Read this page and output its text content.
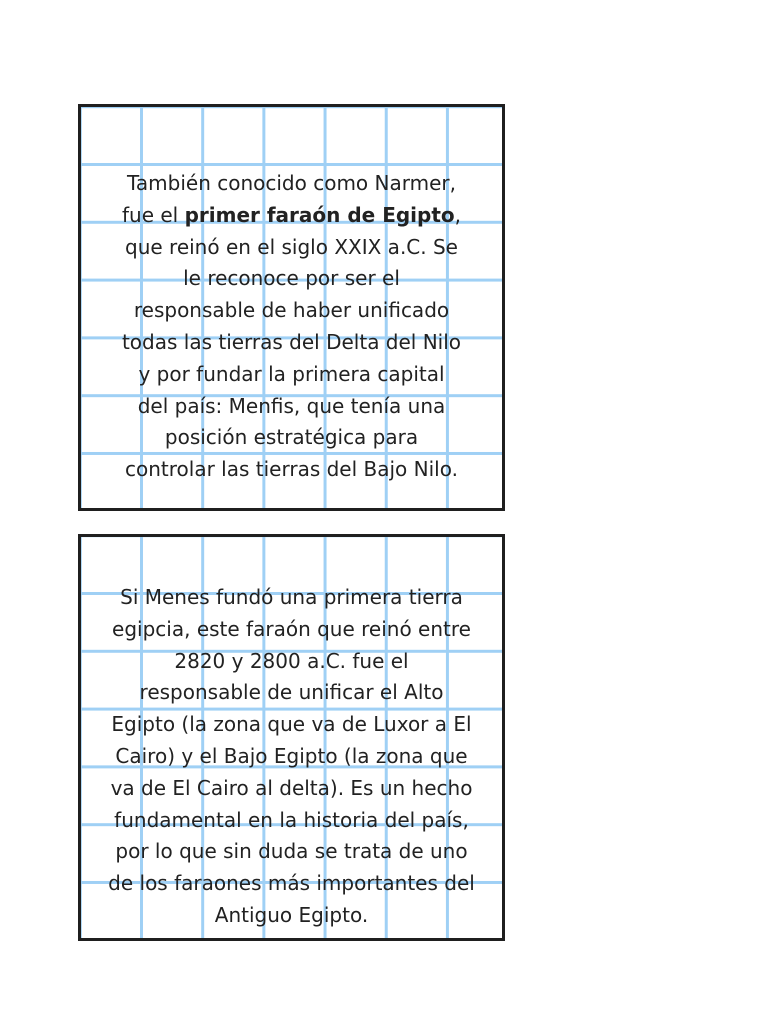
También conocido como Narmer,
fue el primer faraón de Egipto,
que reinó en el siglo XXIX a.C. Se
le reconoce por ser el
responsable de haber unificado
todas las tierras del Delta del Nilo
y por fundar la primera capital
del país: Menfis, que tenía una
posición estratégica para
controlar las tierras del Bajo Nilo.
Si Menes fundó una primera tierra
egipcia, este faraón que reinó entre
2820 y 2800 a.C. fue el
responsable de unificar el Alto
Egipto (la zona que va de Luxor a El
Cairo) y el Bajo Egipto (la zona que
va de El Cairo al delta). Es un hecho
fundamental en la historia del país,
por lo que sin duda se trata de uno
de los faraones más importantes del
Antiguo Egipto.
